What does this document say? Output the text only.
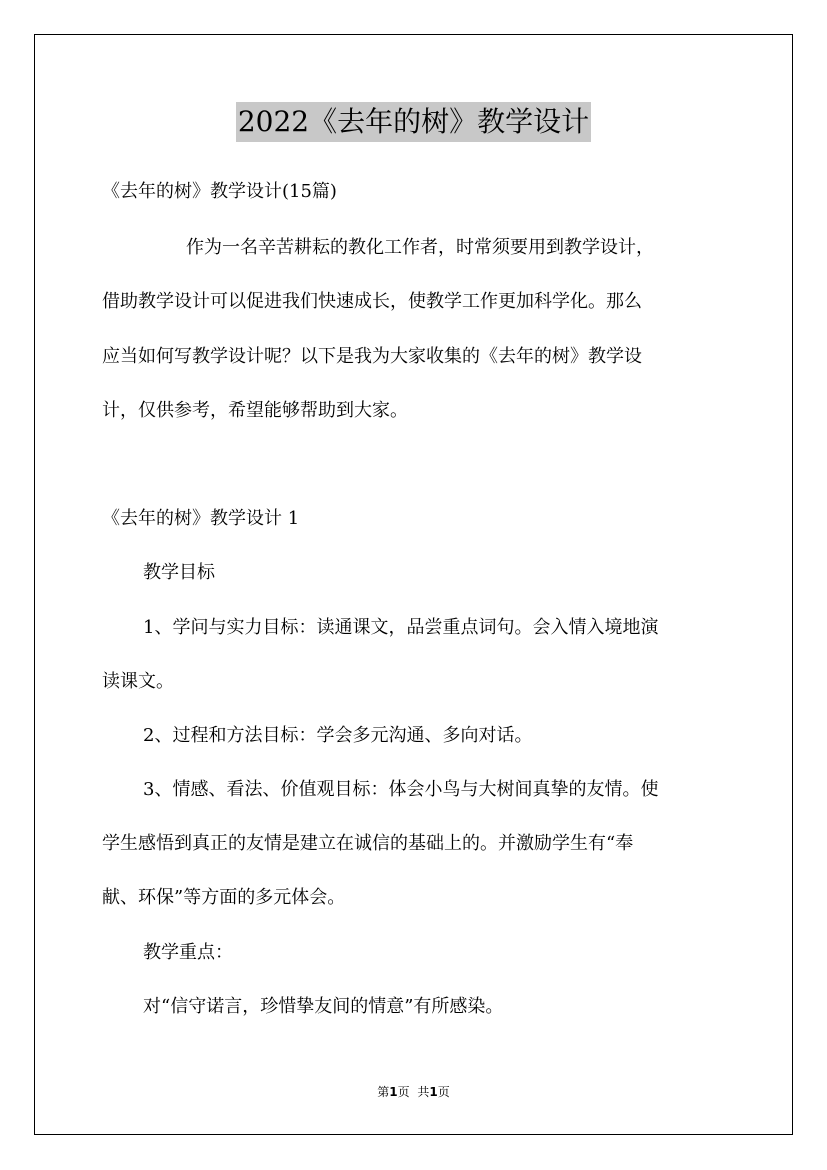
2022《去年的树》教学设计
《去年的树》教学设计(15篇)
作为一名辛苦耕耘的教化工作者，时常须要用到教学设计，
借助教学设计可以促进我们快速成长，使教学工作更加科学化。那么
应当如何写教学设计呢？以下是我为大家收集的《去年的树》教学设
计，仅供参考，希望能够帮助到大家。
《去年的树》教学设计 1
教学目标
1、学问与实力目标：读通课文，品尝重点词句。会入情入境地演
读课文。
2、过程和方法目标：学会多元沟通、多向对话。
3、情感、看法、价值观目标：体会小鸟与大树间真挚的友情。使
学生感悟到真正的友情是建立在诚信的基础上的。并激励学生有“奉
献、环保”等方面的多元体会。
教学重点：
对“信守诺言，珍惜挚友间的情意”有所感染。
第1页 共1页
